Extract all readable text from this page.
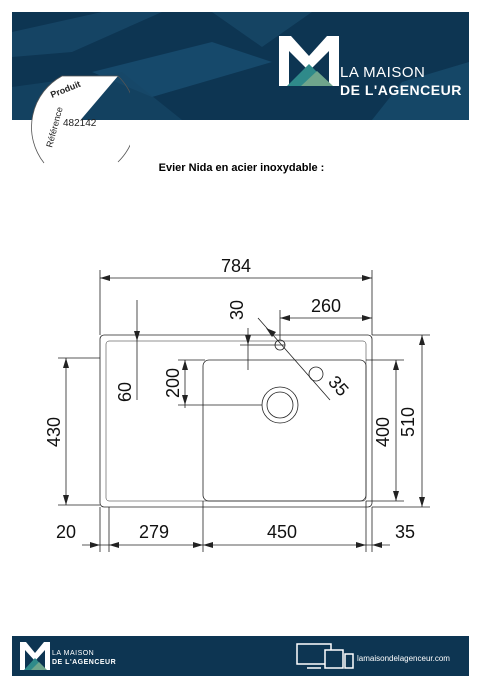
LA MAISON
DE L'AGENCEUR
Référence
Produit
482142
Evier Nida en acier inoxydable :
784
260
30
60 200	35
430	400 510
20	279	450	35
LA MAISON
DE L'AGENCEUR	lamaisondelagenceur.com
